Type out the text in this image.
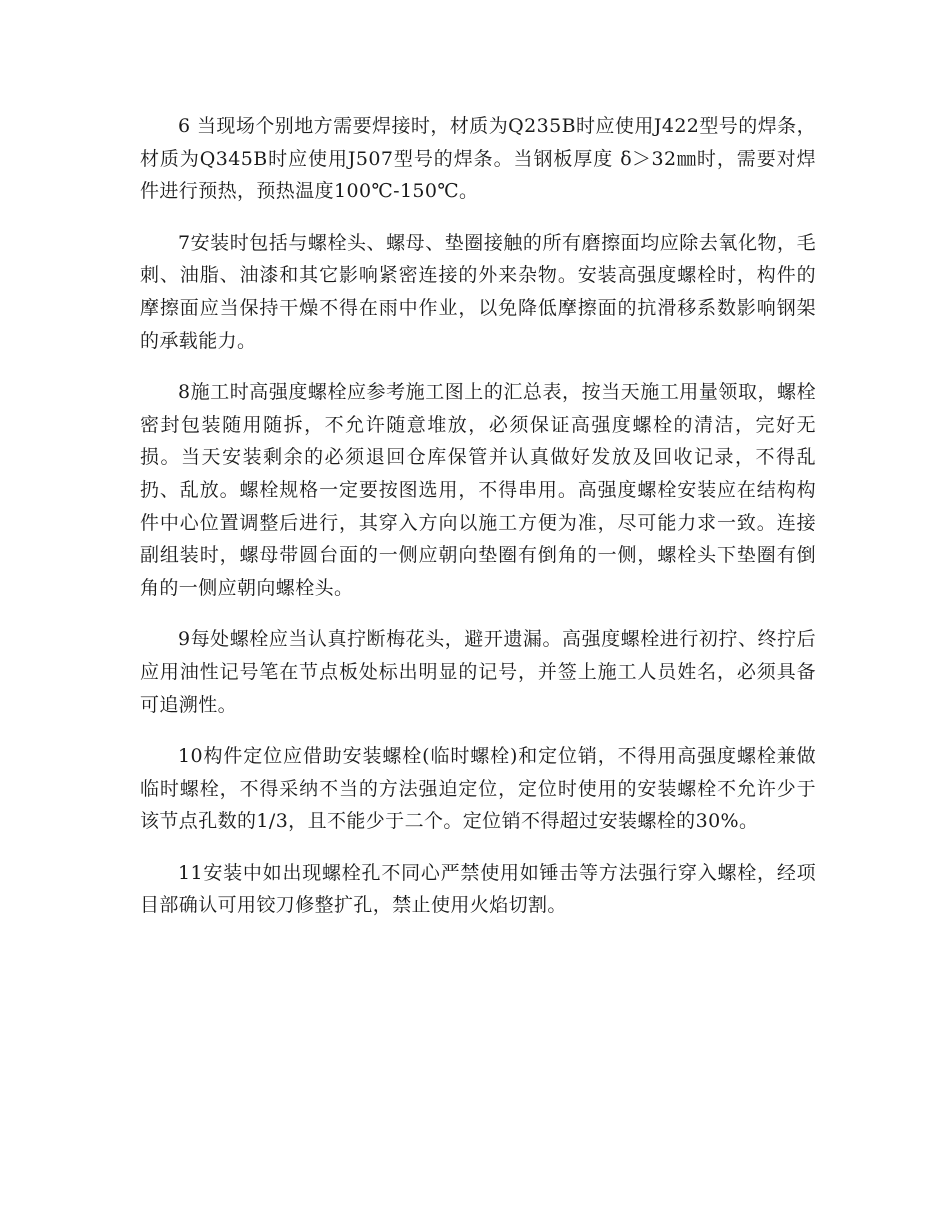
6 当现场个别地方需要焊接时，材质为Q235B时应使用J422型号的焊条，材质为Q345B时应使用J507型号的焊条。当钢板厚度 δ＞32㎜时，需要对焊件进行预热，预热温度100℃-150℃。

7安装时包括与螺栓头、螺母、垫圈接触的所有磨擦面均应除去氧化物，毛刺、油脂、油漆和其它影响紧密连接的外来杂物。安装高强度螺栓时，构件的摩擦面应当保持干燥不得在雨中作业，以免降低摩擦面的抗滑移系数影响钢架的承载能力。

8施工时高强度螺栓应参考施工图上的汇总表，按当天施工用量领取，螺栓密封包装随用随拆，不允许随意堆放，必须保证高强度螺栓的清洁，完好无损。当天安装剩余的必须退回仓库保管并认真做好发放及回收记录，不得乱扔、乱放。螺栓规格一定要按图选用，不得串用。高强度螺栓安装应在结构构件中心位置调整后进行，其穿入方向以施工方便为准，尽可能力求一致。连接副组装时，螺母带圆台面的一侧应朝向垫圈有倒角的一侧，螺栓头下垫圈有倒角的一侧应朝向螺栓头。

9每处螺栓应当认真拧断梅花头，避开遗漏。高强度螺栓进行初拧、终拧后应用油性记号笔在节点板处标出明显的记号，并签上施工人员姓名，必须具备可追溯性。

10构件定位应借助安装螺栓(临时螺栓)和定位销，不得用高强度螺栓兼做临时螺栓，不得采纳不当的方法强迫定位，定位时使用的安装螺栓不允许少于该节点孔数的1/3，且不能少于二个。定位销不得超过安装螺栓的30%。

11安装中如出现螺栓孔不同心严禁使用如锤击等方法强行穿入螺栓，经项目部确认可用铰刀修整扩孔，禁止使用火焰切割。
